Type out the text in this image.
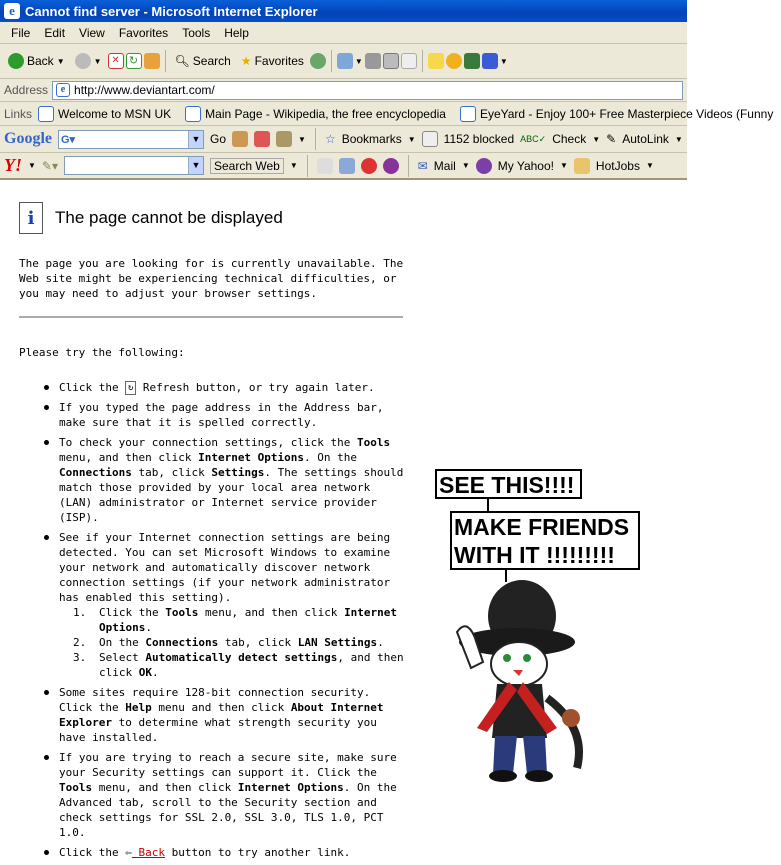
e Cannot find server - Microsoft Internet Explorer
File	Edit	View	Favorites	Tools	Help
Back ▼	▼ ✕ ↻	🔍︎ Search ★ Favorites	▼	▼
Address	e http://www.deviantart.com/
Links Welcome to MSN UK	Main Page - Wikipedia, the free encyclopedia	EyeYard - Enjoy 100+ Free Masterpiece Videos (Funny
Google G▾	▼ Go	▼ ☆ Bookmarks ▼ 1152 blocked ABC✓ Check ▼ ✎ AutoLink ▼
Y! ▼ ✎▾	▼	Search Web	▼	✉ Mail ▼ My Yahoo! ▼ HotJobs ▼
i	The page cannot be displayed

The page you are looking for is currently unavailable. The Web site might be experiencing technical difficulties, or you may need to adjust your browser settings.

Please try the following:

Click the ↻ Refresh button, or try again later.
If you typed the page address in the Address bar, make sure that it is spelled correctly.
To check your connection settings, click the Tools menu, and then click Internet Options. On the Connections tab, click Settings. The settings should match those provided by your local area network (LAN) administrator or Internet service provider (ISP).
See if your Internet connection settings are being detected. You can set Microsoft Windows to examine your network and automatically discover network connection settings (if your network administrator has enabled this setting).
1. Click the Tools menu, and then click Internet Options.
2. On the Connections tab, click LAN Settings.
3. Select Automatically detect settings, and then click OK.
Some sites require 128-bit connection security. Click the Help menu and then click About Internet Explorer to determine what strength security you have installed.
If you are trying to reach a secure site, make sure your Security settings can support it. Click the Tools menu, and then click Internet Options. On the Advanced tab, scroll to the Security section and check settings for SSL 2.0, SSL 3.0, TLS 1.0, PCT 1.0.
Click the ⇦ Back button to try another link.
SEE THIS!!!!
MAKE FRIENDS
WITH IT !!!!!!!!!
